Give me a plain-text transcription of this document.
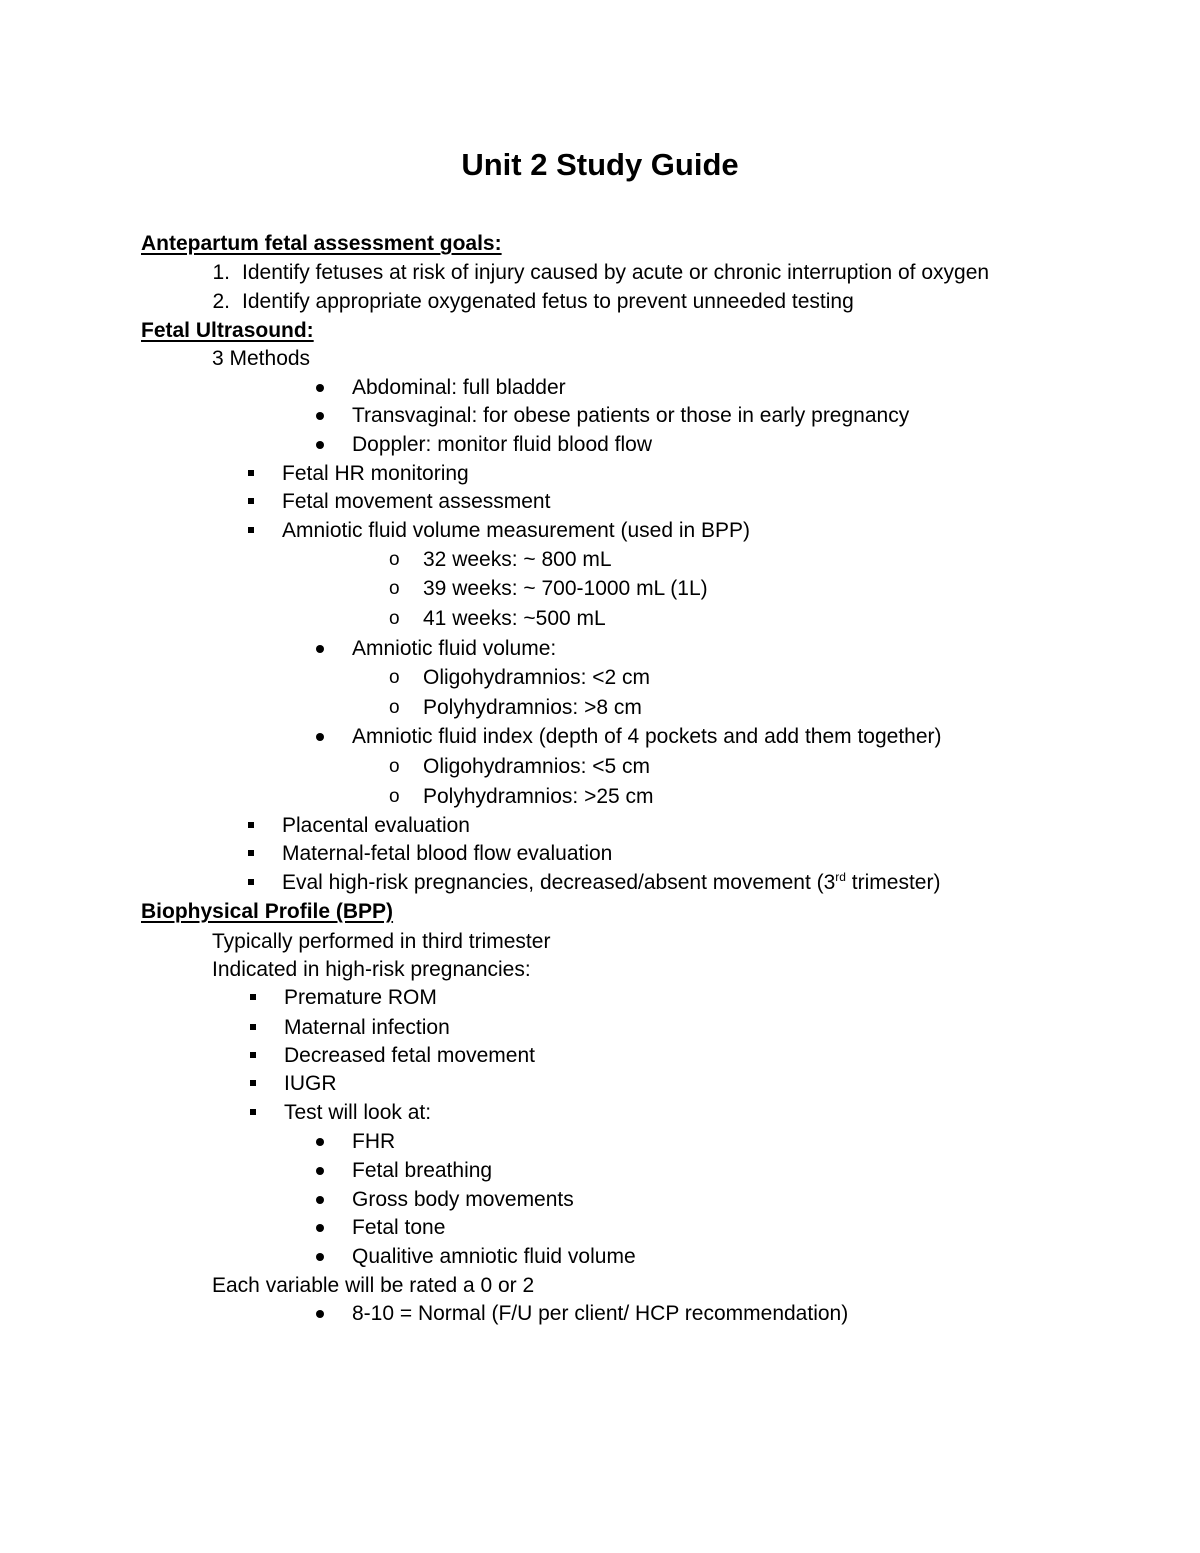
Unit 2 Study Guide
Antepartum fetal assessment goals:
1. Identify fetuses at risk of injury caused by acute or chronic interruption of oxygen
2. Identify appropriate oxygenated fetus to prevent unneeded testing
Fetal Ultrasound:
3 Methods
Abdominal: full bladder
Transvaginal: for obese patients or those in early pregnancy
Doppler: monitor fluid blood flow
Fetal HR monitoring
Fetal movement assessment
Amniotic fluid volume measurement (used in BPP)
o 32 weeks: ~ 800 mL
o 39 weeks: ~ 700-1000 mL (1L)
o 41 weeks: ~500 mL
Amniotic fluid volume:
o Oligohydramnios: <2 cm
o Polyhydramnios: >8 cm
Amniotic fluid index (depth of 4 pockets and add them together)
o Oligohydramnios: <5 cm
o Polyhydramnios: >25 cm
Placental evaluation
Maternal-fetal blood flow evaluation
Eval high-risk pregnancies, decreased/absent movement (3rd trimester)
Biophysical Profile (BPP)
Typically performed in third trimester
Indicated in high-risk pregnancies:
Premature ROM
Maternal infection
Decreased fetal movement
IUGR
Test will look at:
FHR
Fetal breathing
Gross body movements
Fetal tone
Qualitive amniotic fluid volume
Each variable will be rated a 0 or 2
8-10 = Normal (F/U per client/ HCP recommendation)
